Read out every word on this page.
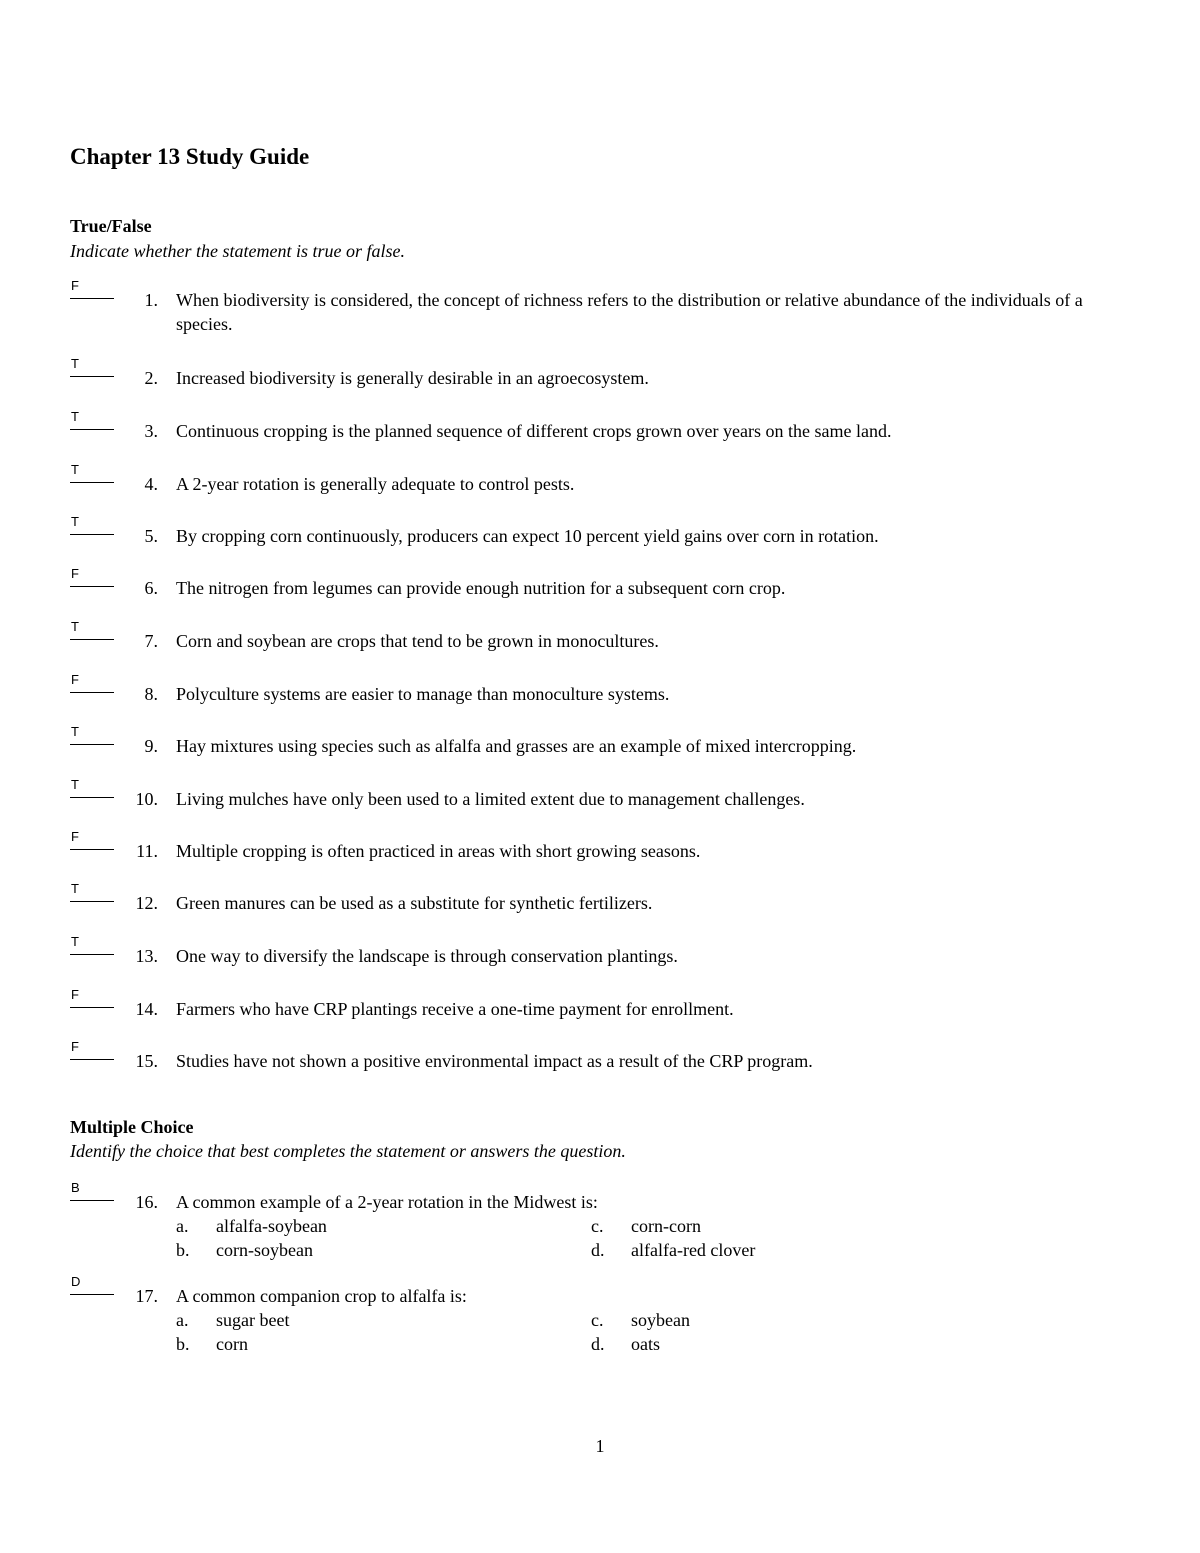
Chapter 13 Study Guide
True/False
Indicate whether the statement is true or false.
F
1. When biodiversity is considered, the concept of richness refers to the distribution or relative abundance of the individuals of a species.
T
2. Increased biodiversity is generally desirable in an agroecosystem.
T
3. Continuous cropping is the planned sequence of different crops grown over years on the same land.
T
4. A 2-year rotation is generally adequate to control pests.
T
5. By cropping corn continuously, producers can expect 10 percent yield gains over corn in rotation.
F
6. The nitrogen from legumes can provide enough nutrition for a subsequent corn crop.
T
7. Corn and soybean are crops that tend to be grown in monocultures.
F
8. Polyculture systems are easier to manage than monoculture systems.
T
9. Hay mixtures using species such as alfalfa and grasses are an example of mixed intercropping.
T
10. Living mulches have only been used to a limited extent due to management challenges.
F
11. Multiple cropping is often practiced in areas with short growing seasons.
T
12. Green manures can be used as a substitute for synthetic fertilizers.
T
13. One way to diversify the landscape is through conservation plantings.
F
14. Farmers who have CRP plantings receive a one-time payment for enrollment.
F
15. Studies have not shown a positive environmental impact as a result of the CRP program.
Multiple Choice
Identify the choice that best completes the statement or answers the question.
B
16. A common example of a 2-year rotation in the Midwest is:
a. alfalfa-soybean
b. corn-soybean
c. corn-corn
d. alfalfa-red clover
D
17. A common companion crop to alfalfa is:
a. sugar beet
b. corn
c. soybean
d. oats
1
